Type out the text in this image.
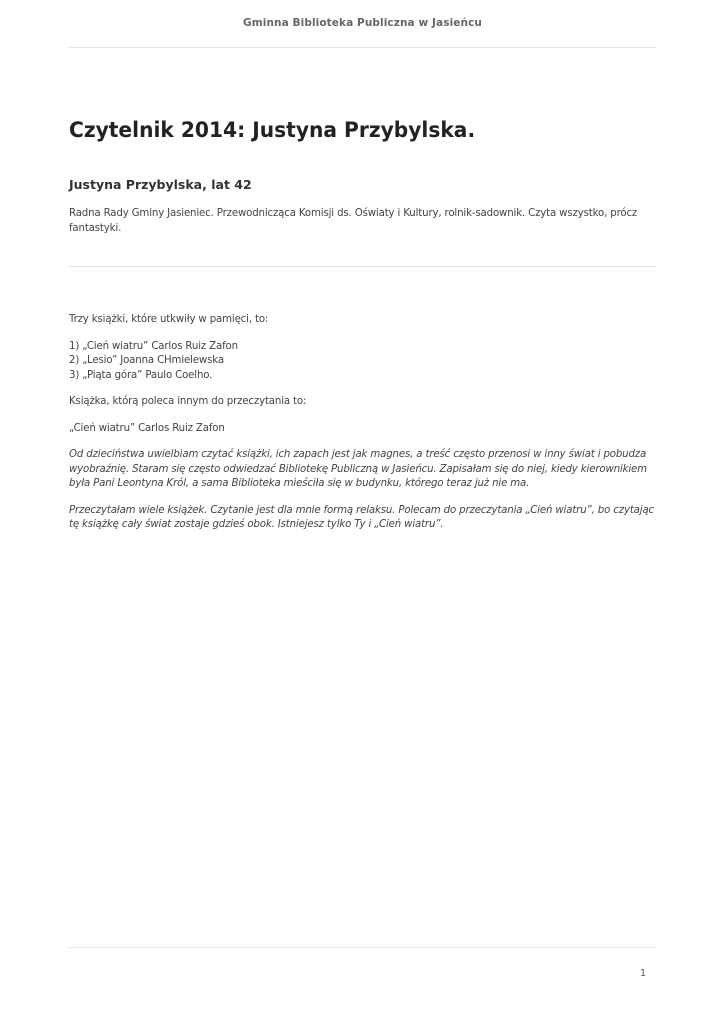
Gminna Biblioteka Publiczna w Jasieńcu
Czytelnik 2014: Justyna Przybylska.
Justyna Przybylska, lat 42

Radna Rady Gminy Jasieniec. Przewodnicząca Komisji ds. Oświaty i Kultury, rolnik-sadownik. Czyta wszystko, prócz fantastyki.

Trzy książki, które utkwiły w pamięci, to:

1) „Cień wiatru” Carlos Ruiz Zafon
2) „Lesio” Joanna CHmielewska
3) „Piąta góra” Paulo Coelho.

Książka, którą poleca innym do przeczytania to:

„Cień wiatru” Carlos Ruiz Zafon

Od dzieciństwa uwielbiam czytać książki, ich zapach jest jak magnes, a treść często przenosi w inny świat i pobudza wyobraźnię. Staram się często odwiedzać Bibliotekę Publiczną w Jasieńcu. Zapisałam się do niej, kiedy kierownikiem była Pani Leontyna Król, a sama Biblioteka mieściła się w budynku, którego teraz już nie ma.

Przeczytałam wiele książek. Czytanie jest dla mnie formą relaksu. Polecam do przeczytania „Cień wiatru”, bo czytając tę książkę cały świat zostaje gdzieś obok. Istniejesz tylko Ty i „Cień wiatru”.

1
